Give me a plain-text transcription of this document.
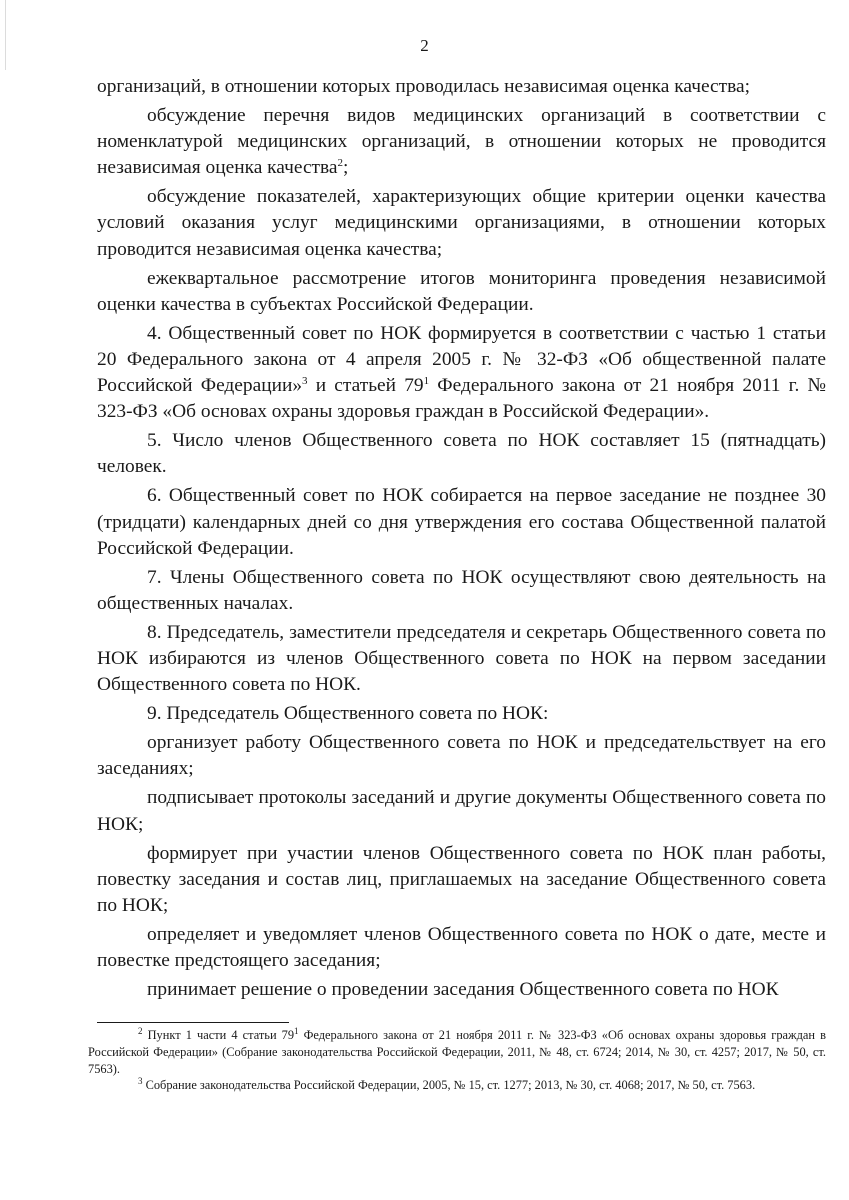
2

организаций, в отношении которых проводилась независимая оценка качества;

обсуждение перечня видов медицинских организаций в соответствии с номенклатурой медицинских организаций, в отношении которых не проводится независимая оценка качества$^2$;

обсуждение показателей, характеризующих общие критерии оценки качества условий оказания услуг медицинскими организациями, в отношении которых проводится независимая оценка качества;

ежеквартальное рассмотрение итогов мониторинга проведения независимой оценки качества в субъектах Российской Федерации.

4. Общественный совет по НОК формируется в соответствии с частью 1 статьи 20 Федерального закона от 4 апреля 2005 г. № 32-ФЗ «Об общественной палате Российской Федерации»$^3$ и статьей $79^1$ Федерального закона от 21 ноября 2011 г. № 323-ФЗ «Об основах охраны здоровья граждан в Российской Федерации».

5. Число членов Общественного совета по НОК составляет 15 (пятнадцать) человек.

6. Общественный совет по НОК собирается на первое заседание не позднее 30 (тридцати) календарных дней со дня утверждения его состава Общественной палатой Российской Федерации.

7. Члены Общественного совета по НОК осуществляют свою деятельность на общественных началах.

8. Председатель, заместители председателя и секретарь Общественного совета по НОК избираются из членов Общественного совета по НОК на первом заседании Общественного совета по НОК.

9. Председатель Общественного совета по НОК:

организует работу Общественного совета по НОК и председательствует на его заседаниях;

подписывает протоколы заседаний и другие документы Общественного совета по НОК;

формирует при участии членов Общественного совета по НОК план работы, повестку заседания и состав лиц, приглашаемых на заседание Общественного совета по НОК;

определяет и уведомляет членов Общественного совета по НОК о дате, месте и повестке предстоящего заседания;

принимает решение о проведении заседания Общественного совета по НОК

$^2$ Пункт 1 части 4 статьи $79^1$ Федерального закона от 21 ноября 2011 г. № 323-ФЗ «Об основах охраны здоровья граждан в Российской Федерации» (Собрание законодательства Российской Федерации, 2011, № 48, ст. 6724; 2014, № 30, ст. 4257; 2017, № 50, ст. 7563).

$^3$ Собрание законодательства Российской Федерации, 2005, № 15, ст. 1277; 2013, № 30, ст. 4068; 2017, № 50, ст. 7563.
